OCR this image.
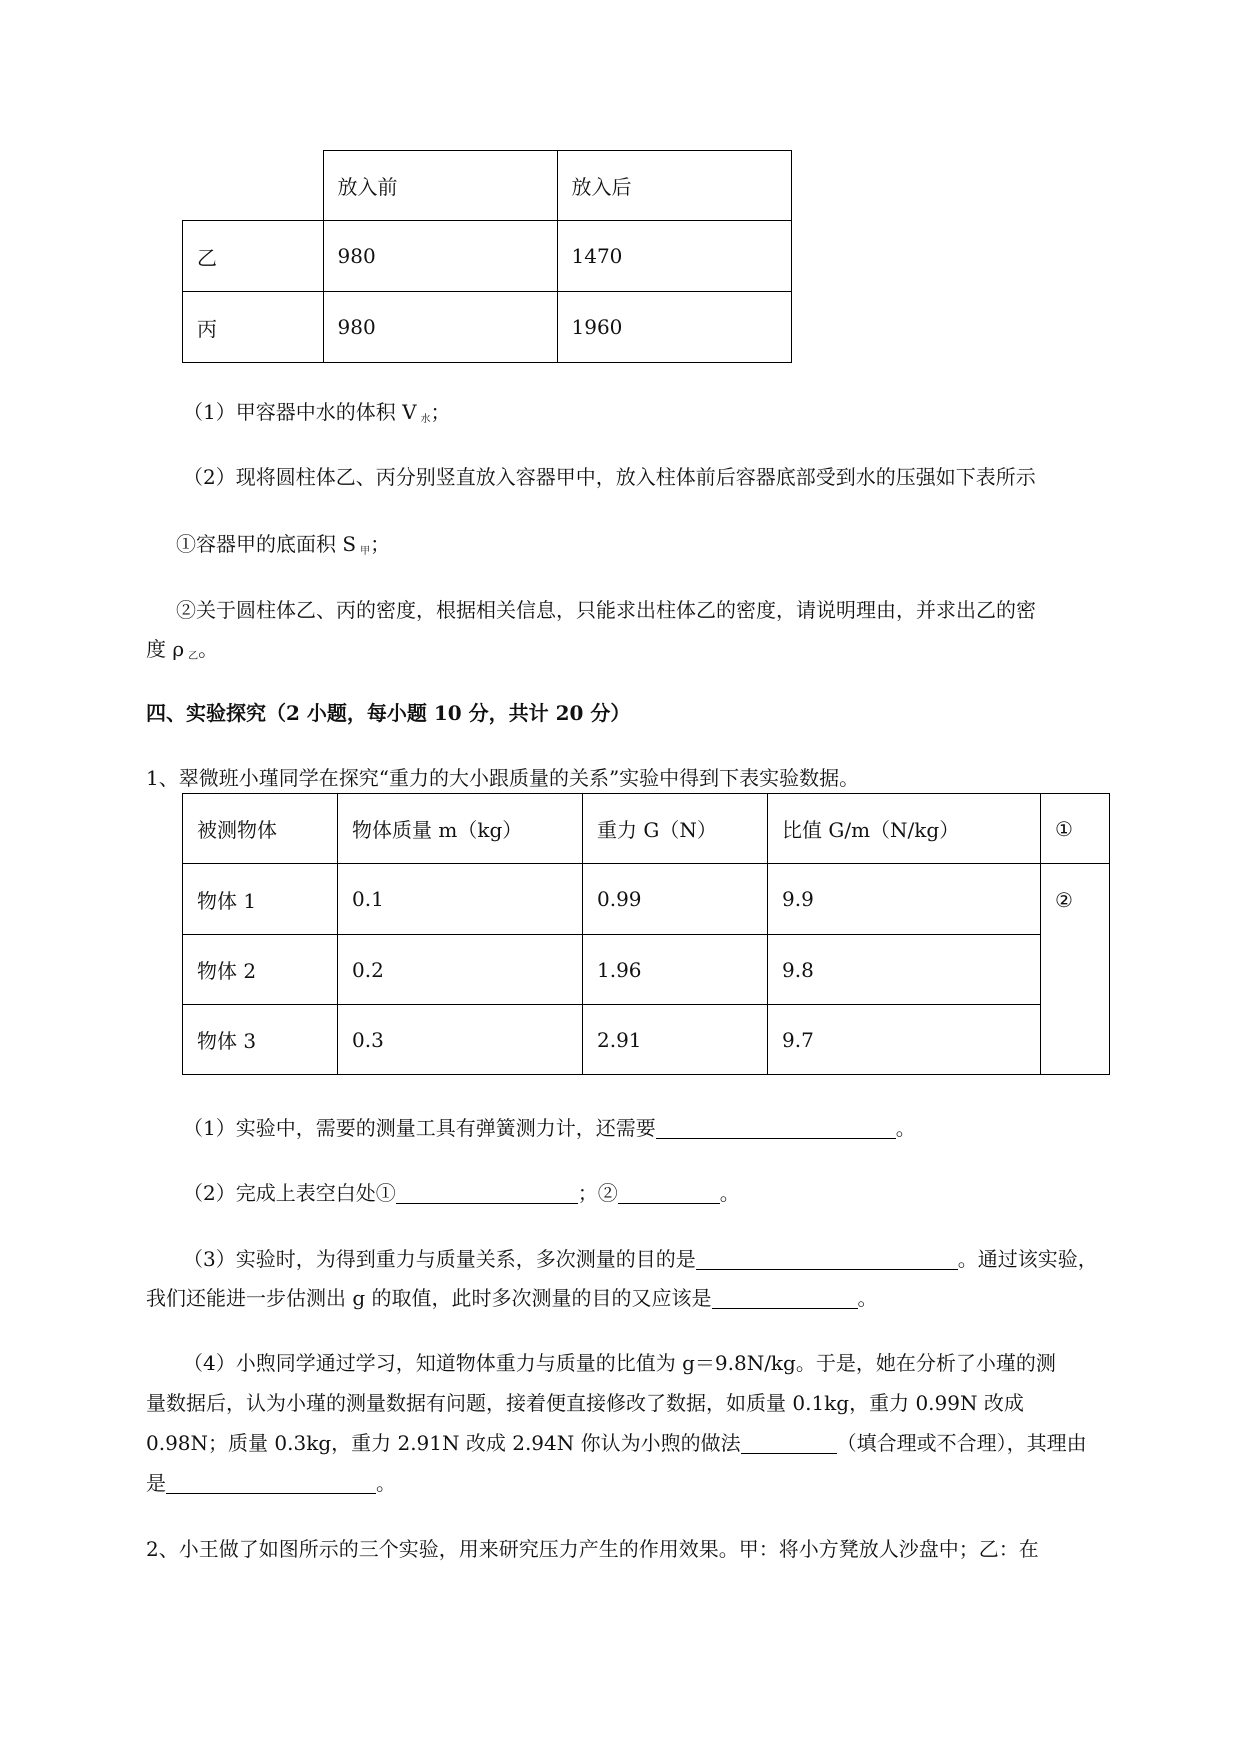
	放入前	放入后
乙	980	1470
丙	980	1960
（1）甲容器中水的体积 V $_水$；
（2）现将圆柱体乙、丙分别竖直放入容器甲中，放入柱体前后容器底部受到水的压强如下表所示
①容器甲的底面积 S $_甲$；
②关于圆柱体乙、丙的密度，根据相关信息，只能求出柱体乙的密度，请说明理由，并求出乙的密
度 ρ $_乙$。
四、实验探究（2 小题，每小题 10 分，共计 20 分）
1、翠微班小瑾同学在探究“重力的大小跟质量的关系”实验中得到下表实验数据。
被测物体	物体质量 m（kg）	重力 G（N）	比值 G/m（N/kg）	①
物体 1	0.1	0.99	9.9	②
物体 2	0.2	1.96	9.8	
物体 3	0.3	2.91	9.7	
（1）实验中，需要的测量工具有弹簧测力计，还需要	。
（2）完成上表空白处①	；②	。
（3）实验时，为得到重力与质量关系，多次测量的目的是	。通过该实验，
我们还能进一步估测出 g 的取值，此时多次测量的目的又应该是	。
（4）小煦同学通过学习，知道物体重力与质量的比值为 g＝9.8N/kg。于是，她在分析了小瑾的测
量数据后，认为小瑾的测量数据有问题，接着便直接修改了数据，如质量 0.1kg，重力 0.99N 改成
0.98N；质量 0.3kg，重力 2.91N 改成 2.94N 你认为小煦的做法	（填合理或不合理），其理由
是	。
2、小王做了如图所示的三个实验，用来研究压力产生的作用效果。甲：将小方凳放人沙盘中；乙：在
